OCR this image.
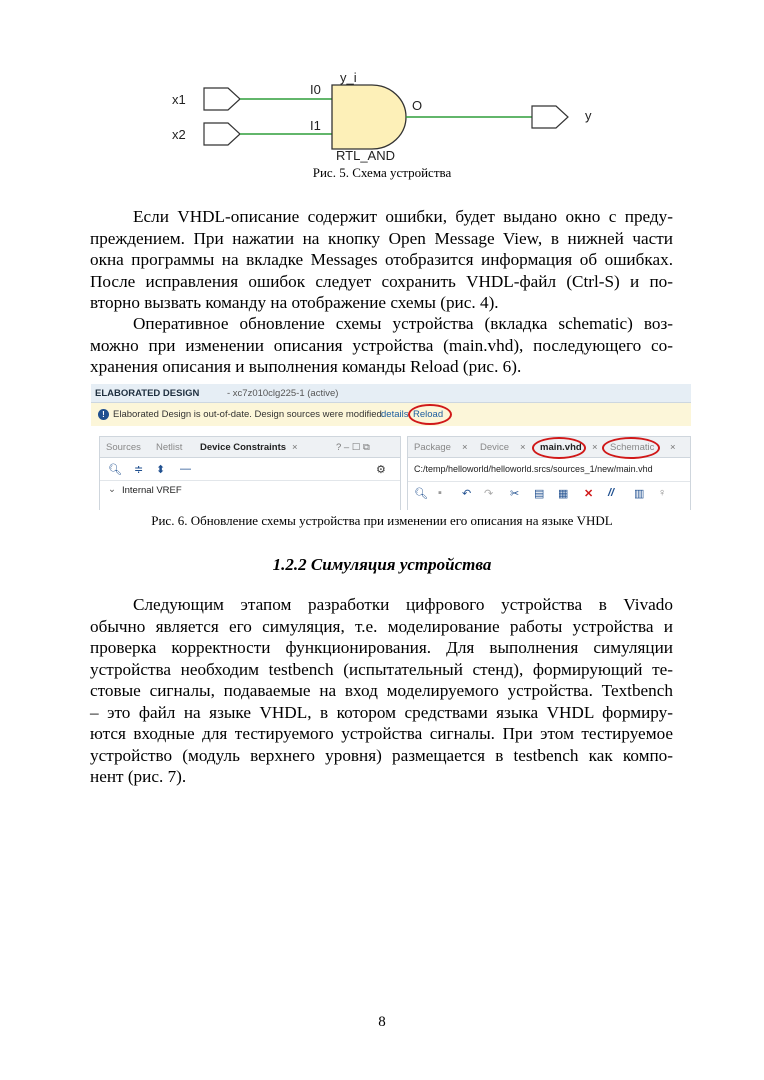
x1
x2
I0
I1
y_i
O
RTL_AND
y
Рис. 5. Схема устройства
Если VHDL-описание содержит ошибки, будет выдано окно с преду-
преждением. При нажатии на кнопку Open Message View, в нижней части
окна программы на вкладке Messages отобразится информация об ошибках.
После исправления ошибок следует сохранить VHDL-файл (Ctrl-S) и по-
вторно вызвать команду на отображение схемы (рис. 4).
Оперативное обновление схемы устройства (вкладка schematic) воз-
можно при изменении описания устройства (main.vhd), последующего со-
хранения описания и выполнения команды Reload (рис. 6).
ELABORATED DESIGN	- xc7z010clg225-1 (active)
! Elaborated Design is out-of-date. Design sources were modified.
details Reload
Sources Netlist Device Constraints ×	? – ☐ ⧉
🔍︎ ≑ ⬍ —	⚙
⌄ Internal VREF
Package × Device × main.vhd × Schematic ×
C:/temp/helloworld/helloworld.srcs/sources_1/new/main.vhd
🔍︎ ▪ ↶ ↷ ✂ ▤ ▦ ✕ // ▥ ♀
Рис. 6. Обновление схемы устройства при изменении его описания на языке VHDL
1.2.2 Симуляция устройства
Следующим этапом разработки цифрового устройства в Vivado
обычно является его симуляция, т.е. моделирование работы устройства и
проверка корректности функционирования. Для выполнения симуляции
устройства необходим testbench (испытательный стенд), формирующий те-
стовые сигналы, подаваемые на вход моделируемого устройства. Textbench
– это файл на языке VHDL, в котором средствами языка VHDL формиру-
ются входные для тестируемого устройства сигналы. При этом тестируемое
устройство (модуль верхнего уровня) размещается в testbench как компо-
нент (рис. 7).
8
